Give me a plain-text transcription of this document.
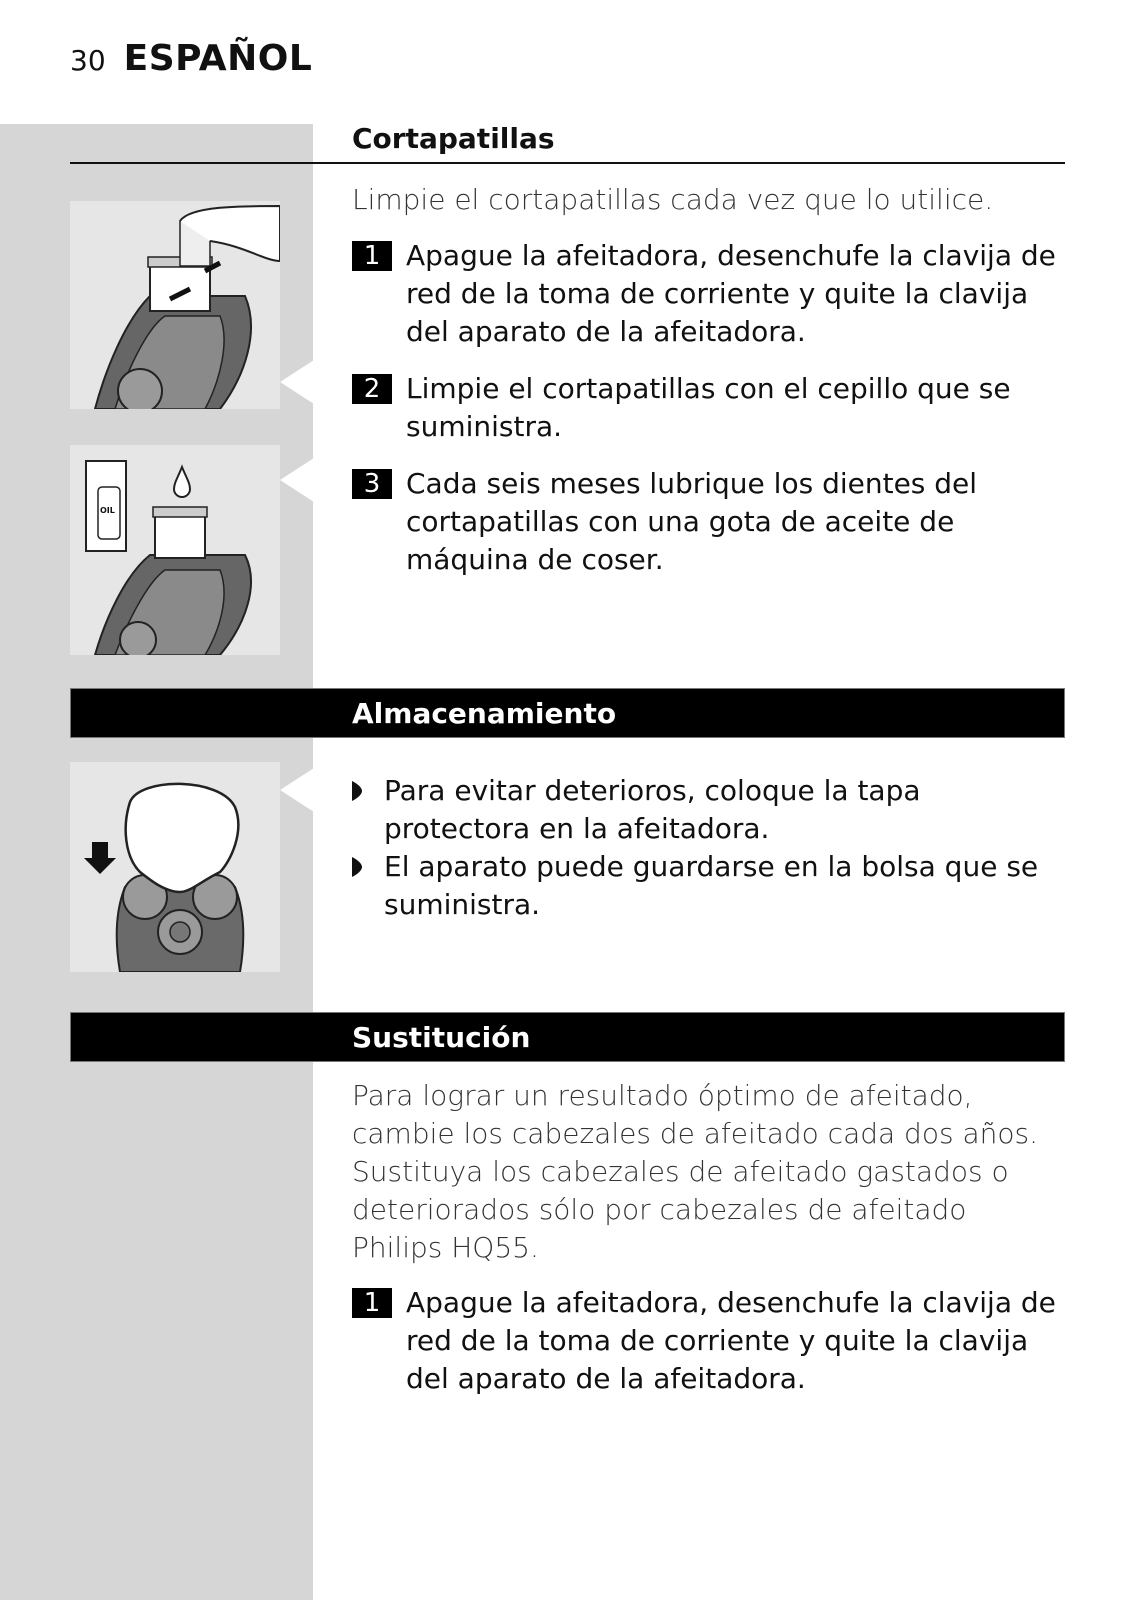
30 ESPAÑOL
Cortapatillas
Limpie el cortapatillas cada vez que lo utilice.
1 Apague la afeitadora, desenchufe la clavija de red de la toma de corriente y quite la clavija del aparato de la afeitadora.
2 Limpie el cortapatillas con el cepillo que se suministra.
3 Cada seis meses lubrique los dientes del cortapatillas con una gota de aceite de máquina de coser.
OIL
Almacenamiento
Para evitar deterioros, coloque la tapa protectora en la afeitadora.
El aparato puede guardarse en la bolsa que se suministra.
Sustitución
Para lograr un resultado óptimo de afeitado, cambie los cabezales de afeitado cada dos años.
Sustituya los cabezales de afeitado gastados o deteriorados sólo por cabezales de afeitado Philips HQ55.
1 Apague la afeitadora, desenchufe la clavija de red de la toma de corriente y quite la clavija del aparato de la afeitadora.
